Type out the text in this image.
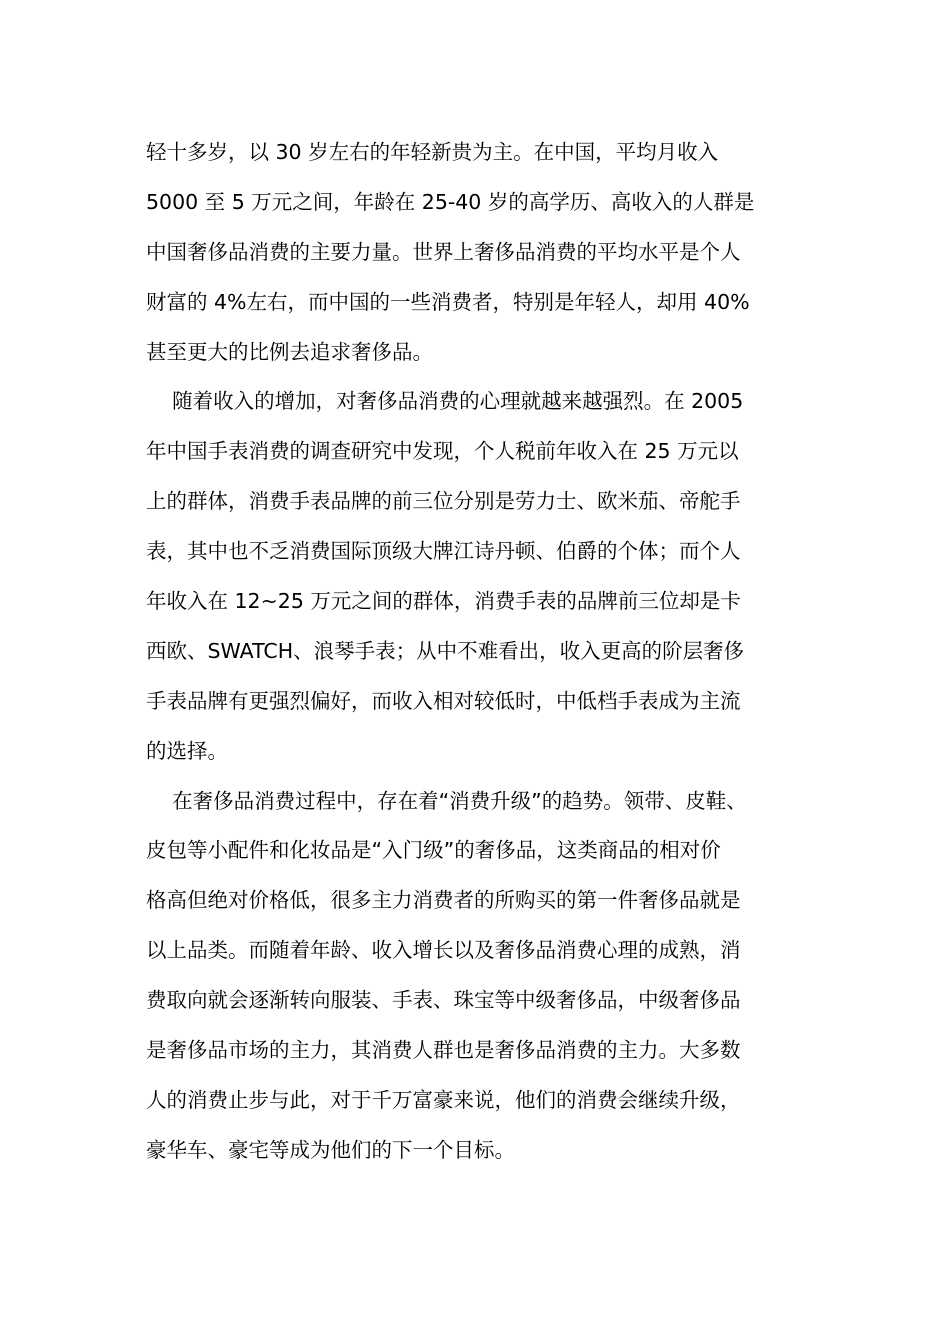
轻十多岁，以 30 岁左右的年轻新贵为主。在中国，平均月收入
5000 至 5 万元之间，年龄在 25-40 岁的高学历、高收入的人群是
中国奢侈品消费的主要力量。世界上奢侈品消费的平均水平是个人
财富的 4%左右，而中国的一些消费者，特别是年轻人，却用 40%
甚至更大的比例去追求奢侈品。
随着收入的增加，对奢侈品消费的心理就越来越强烈。在 2005
年中国手表消费的调查研究中发现，个人税前年收入在 25 万元以
上的群体，消费手表品牌的前三位分别是劳力士、欧米茄、帝舵手
表，其中也不乏消费国际顶级大牌江诗丹顿、伯爵的个体；而个人
年收入在 12~25 万元之间的群体，消费手表的品牌前三位却是卡
西欧、SWATCH、浪琴手表；从中不难看出，收入更高的阶层奢侈
手表品牌有更强烈偏好，而收入相对较低时，中低档手表成为主流
的选择。
在奢侈品消费过程中，存在着“消费升级”的趋势。领带、皮鞋、
皮包等小配件和化妆品是“入门级”的奢侈品，这类商品的相对价
格高但绝对价格低，很多主力消费者的所购买的第一件奢侈品就是
以上品类。而随着年龄、收入增长以及奢侈品消费心理的成熟，消
费取向就会逐渐转向服装、手表、珠宝等中级奢侈品，中级奢侈品
是奢侈品市场的主力，其消费人群也是奢侈品消费的主力。大多数
人的消费止步与此，对于千万富豪来说，他们的消费会继续升级，
豪华车、豪宅等成为他们的下一个目标。
